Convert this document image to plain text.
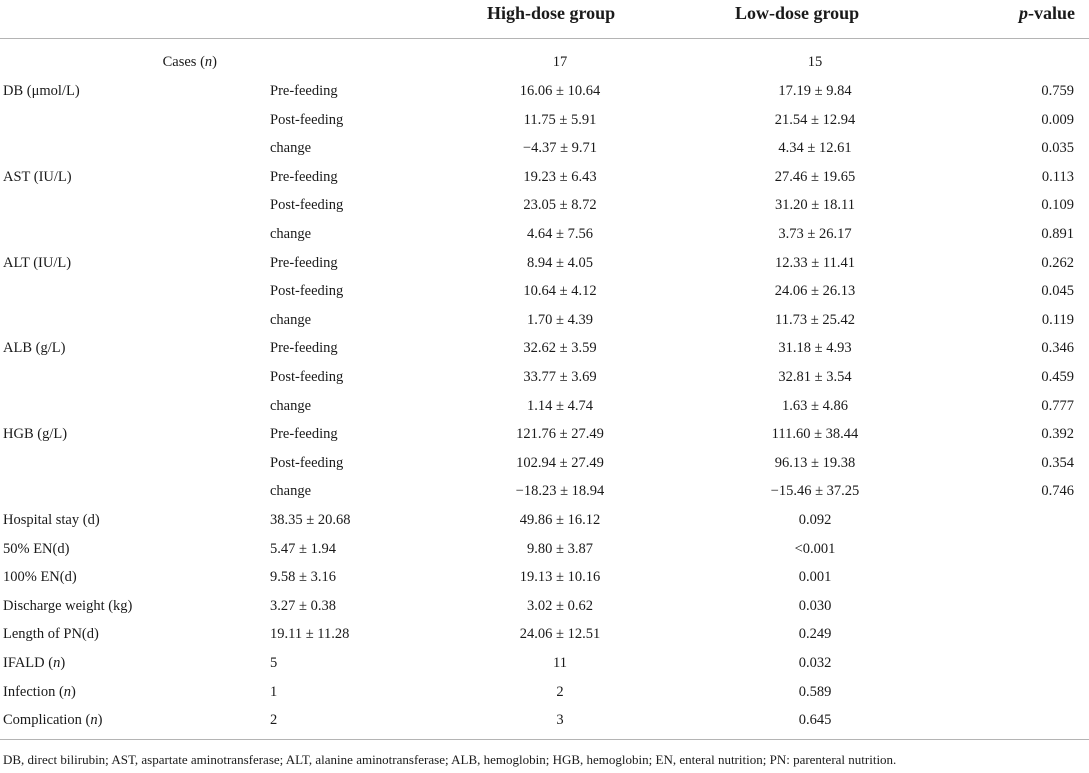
High-dose group	Low-dose group	p-value
Cases (n)	17	15
DB (μmol/L)	Pre-feeding	16.06 ± 10.64	17.19 ± 9.84	0.759
Post-feeding	11.75 ± 5.91	21.54 ± 12.94	0.009
change	−4.37 ± 9.71	4.34 ± 12.61	0.035
AST (IU/L)	Pre-feeding	19.23 ± 6.43	27.46 ± 19.65	0.113
Post-feeding	23.05 ± 8.72	31.20 ± 18.11	0.109
change	4.64 ± 7.56	3.73 ± 26.17	0.891
ALT (IU/L)	Pre-feeding	8.94 ± 4.05	12.33 ± 11.41	0.262
Post-feeding	10.64 ± 4.12	24.06 ± 26.13	0.045
change	1.70 ± 4.39	11.73 ± 25.42	0.119
ALB (g/L)	Pre-feeding	32.62 ± 3.59	31.18 ± 4.93	0.346
Post-feeding	33.77 ± 3.69	32.81 ± 3.54	0.459
change	1.14 ± 4.74	1.63 ± 4.86	0.777
HGB (g/L)	Pre-feeding	121.76 ± 27.49	111.60 ± 38.44	0.392
Post-feeding	102.94 ± 27.49	96.13 ± 19.38	0.354
change	−18.23 ± 18.94	−15.46 ± 37.25	0.746
Hospital stay (d)	38.35 ± 20.68	49.86 ± 16.12	0.092
50% EN(d)	5.47 ± 1.94	9.80 ± 3.87	<0.001
100% EN(d)	9.58 ± 3.16	19.13 ± 10.16	0.001
Discharge weight (kg)	3.27 ± 0.38	3.02 ± 0.62	0.030
Length of PN(d)	19.11 ± 11.28	24.06 ± 12.51	0.249
IFALD (n)	5	11	0.032
Infection (n)	1	2	0.589
Complication (n)	2	3	0.645
DB, direct bilirubin; AST, aspartate aminotransferase; ALT, alanine aminotransferase; ALB, hemoglobin; HGB, hemoglobin; EN, enteral nutrition; PN: parenteral nutrition.
